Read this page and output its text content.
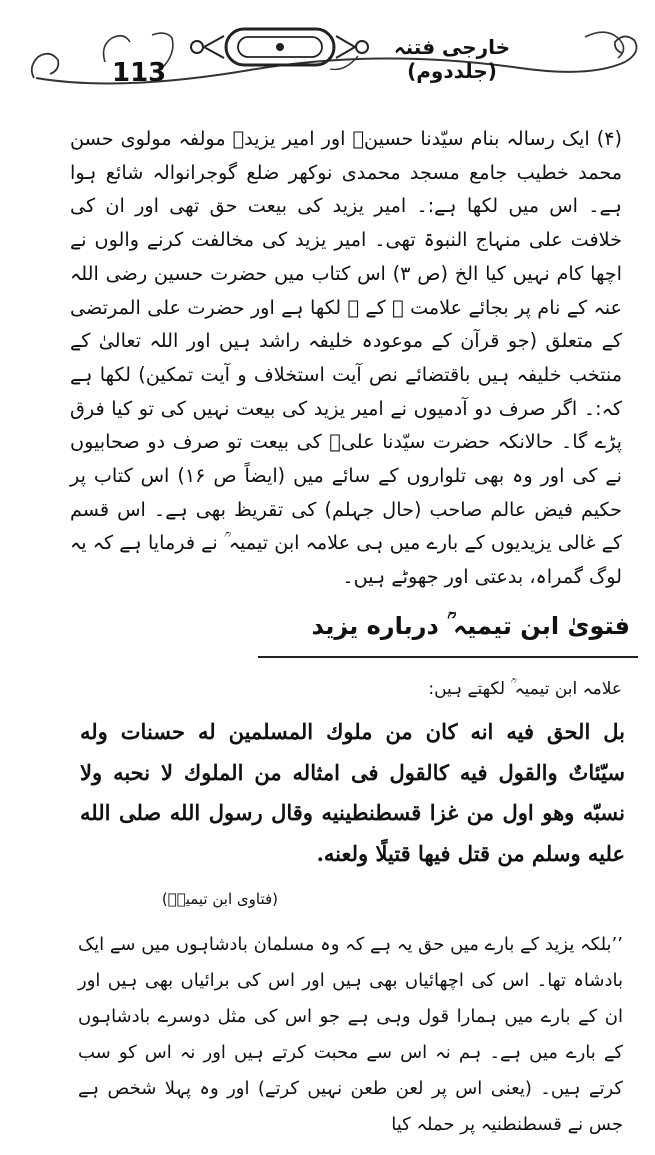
113
خارجی فتنہ (جلددوم)

(۴) ایک رسالہ بنام سیّدنا حسینؓ اور امیر یزیدؒ مولفہ مولوی حسن محمد خطیب جامع مسجد محمدی نوکھر ضلع گوجرانوالہ شائع ہوا ہے۔ اس میں لکھا ہے:۔ امیر یزید کی بیعت حق تھی اور ان کی خلافت علی منہاج النبوۃ تھی۔ امیر یزید کی مخالفت کرنے والوں نے اچھا کام نہیں کیا الخ (ص ۳) اس کتاب میں حضرت حسین رضی اللہ عنہ کے نام پر بجائے علامت ؓ کے ؒ لکھا ہے اور حضرت علی المرتضی کے متعلق (جو قرآن کے موعودہ خلیفہ راشد ہیں اور اللہ تعالیٰ کے منتخب خلیفہ ہیں باقتضائے نص آیت استخلاف و آیت تمکین) لکھا ہے کہ:۔ اگر صرف دو آدمیوں نے امیر یزید کی بیعت نہیں کی تو کیا فرق پڑے گا۔ حالانکہ حضرت سیّدنا علیؓ کی بیعت تو صرف دو صحابیوں نے کی اور وہ بھی تلواروں کے سائے میں (ایضاً ص ۱۶) اس کتاب پر حکیم فیض عالم صاحب (حال جہلم) کی تقریظ بھی ہے۔ اس قسم کے غالی یزیدیوں کے بارے میں ہی علامہ ابن تیمیہ ؒ نے فرمایا ہے کہ یہ لوگ گمراہ، بدعتی اور جھوٹے ہیں۔

فتویٰ ابن تیمیہ ؒ درباره یزید
علامہ ابن تیمیہ ؒ لکھتے ہیں:
بل الحق فيه انه كان من ملوك المسلمين له حسنات وله سيّئاتٌ والقول فيه كالقول فى امثاله من الملوك لا نحبه ولا نسبّه وهو اول من غزا قسطنطينيه وقال رسول الله صلى الله عليه وسلم من قتل فيها قتيلًا ولعنه.
(فتاوی ابن تیمیہؒ)

’’بلکہ یزید کے بارے میں حق یہ ہے کہ وہ مسلمان بادشاہوں میں سے ایک بادشاہ تھا۔ اس کی اچھائیاں بھی ہیں اور اس کی برائیاں بھی ہیں اور ان کے بارے میں ہمارا قول وہی ہے جو اس کی مثل دوسرے بادشاہوں کے بارے میں ہے۔ ہم نہ اس سے محبت کرتے ہیں اور نہ اس کو سب کرتے ہیں۔ (یعنی اس پر لعن طعن نہیں کرتے) اور وہ پہلا شخص ہے جس نے قسطنطنیہ پر حملہ کیا
